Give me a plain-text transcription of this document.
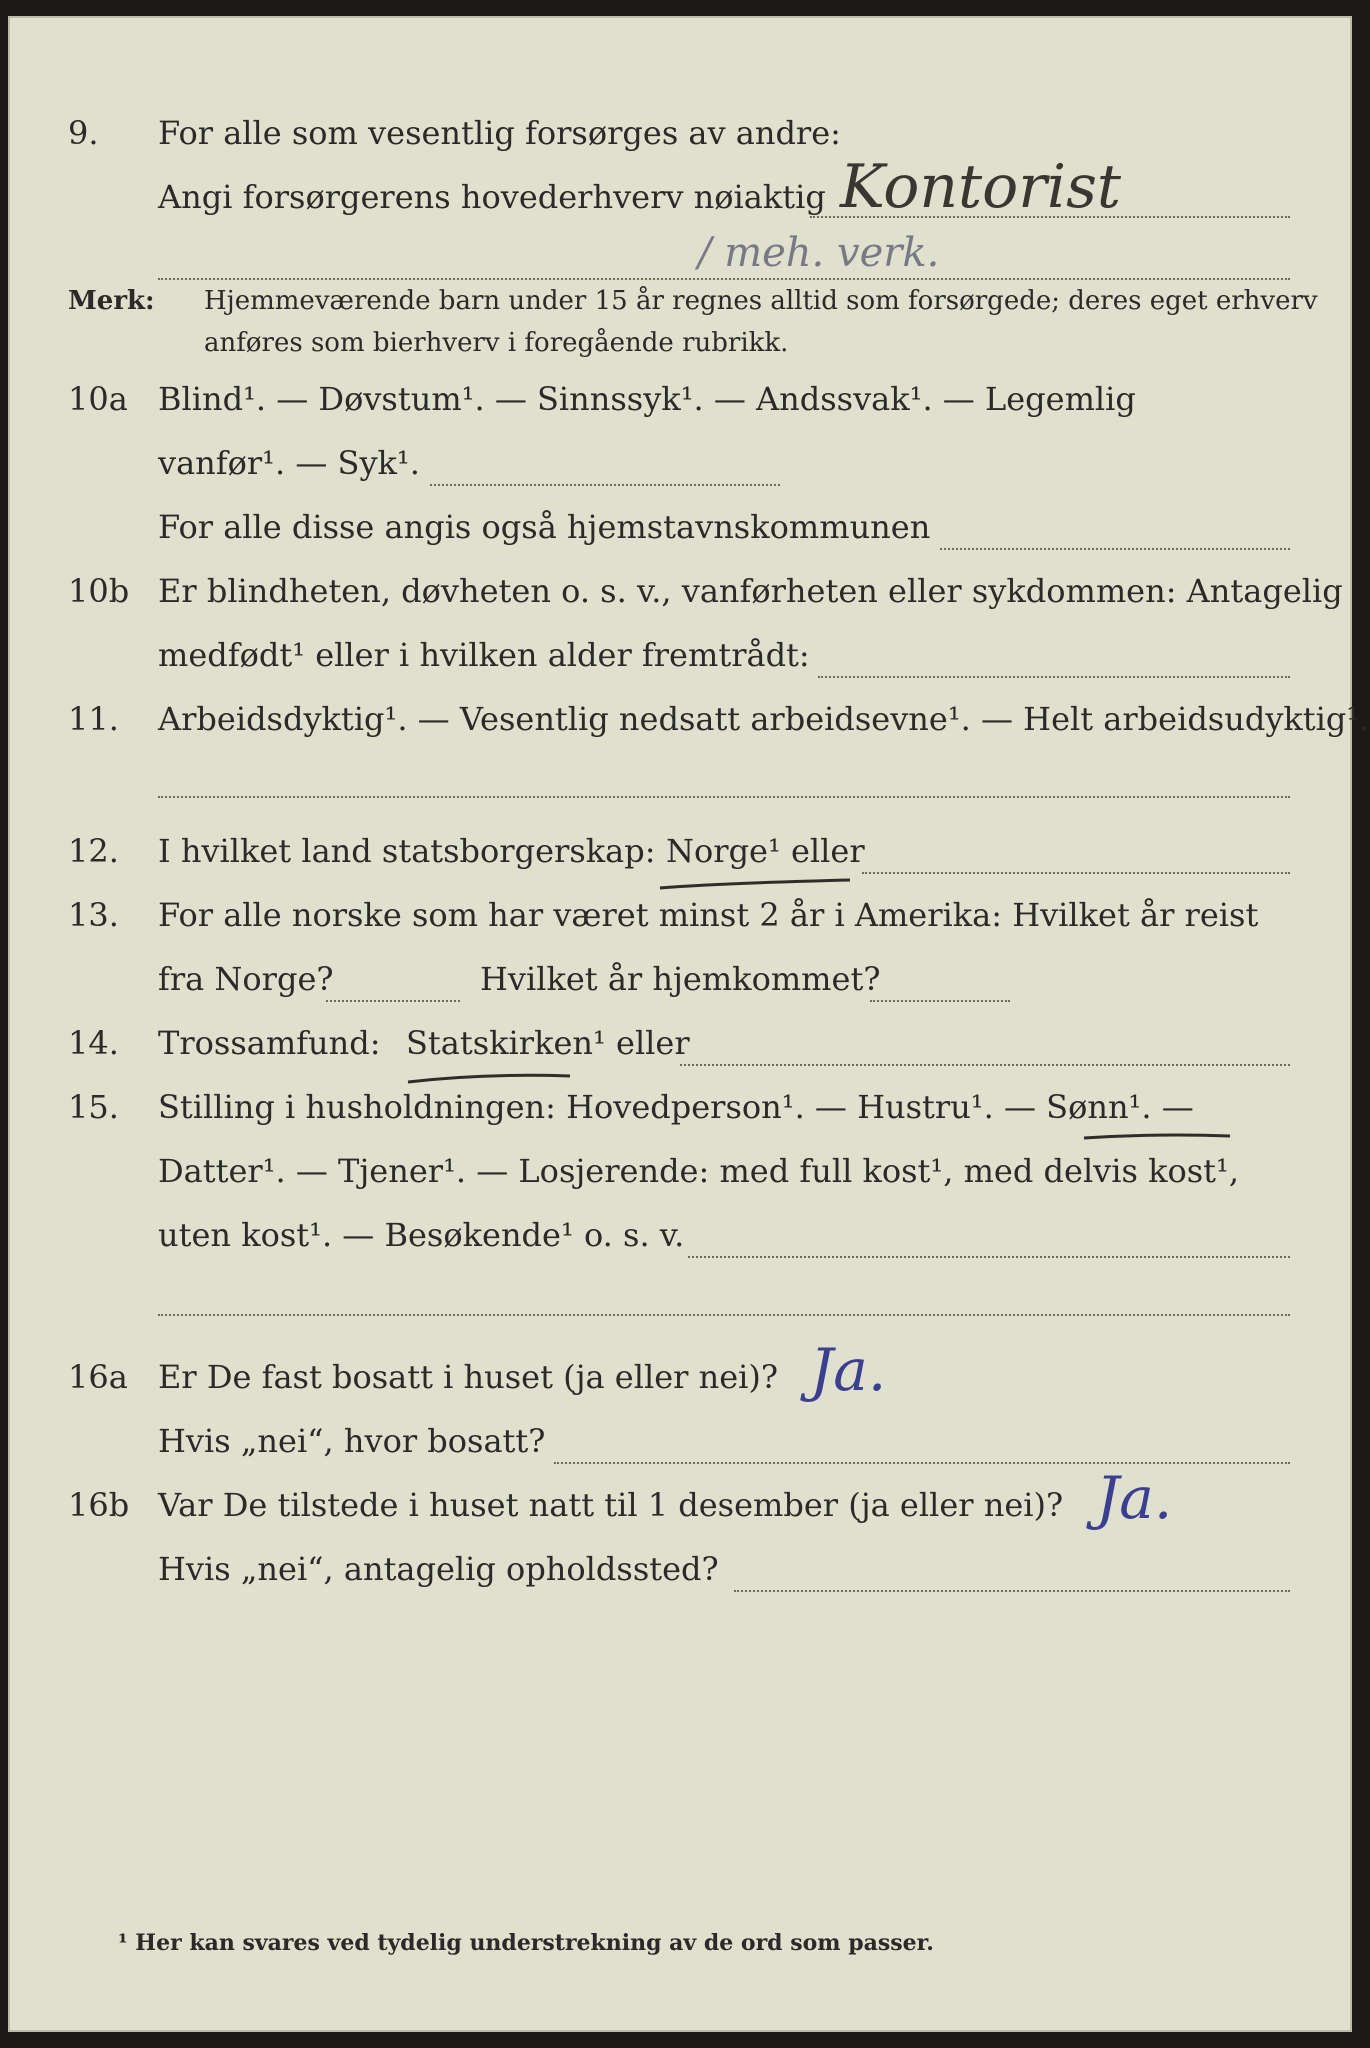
9. For alle som vesentlig forsørges av andre:
Angi forsørgerens hovederhverv nøiaktig Kontorist
/ meh. verk.
Merk: Hjemmeværende barn under 15 år regnes alltid som forsørgede; deres eget erhverv
anføres som bierhverv i foregående rubrikk.
10a Blind¹. — Døvstum¹. — Sinnssyk¹. — Andssvak¹. — Legemlig
vanfør¹. — Syk¹.
For alle disse angis også hjemstavnskommunen
10b Er blindheten, døvheten o. s. v., vanførheten eller sykdommen: Antagelig
medfødt¹ eller i hvilken alder fremtrådt:
11. Arbeidsdyktig¹. — Vesentlig nedsatt arbeidsevne¹. — Helt arbeidsudyktig¹.
12. I hvilket land statsborgerskap: Norge¹ eller
13. For alle norske som har været minst 2 år i Amerika: Hvilket år reist
fra Norge?	Hvilket år hjemkommet?
14. Trossamfund: Statskirken¹ eller
15. Stilling i husholdningen: Hovedperson¹. — Hustru¹. — Sønn¹. —
Datter¹. — Tjener¹. — Losjerende: med full kost¹, med delvis kost¹,
uten kost¹. — Besøkende¹ o. s. v.
16a Er De fast bosatt i huset (ja eller nei)? Ja.
Hvis „nei“, hvor bosatt?
16b Var De tilstede i huset natt til 1 desember (ja eller nei)? Ja.
Hvis „nei“, antagelig opholdssted?
¹ Her kan svares ved tydelig understrekning av de ord som passer.
